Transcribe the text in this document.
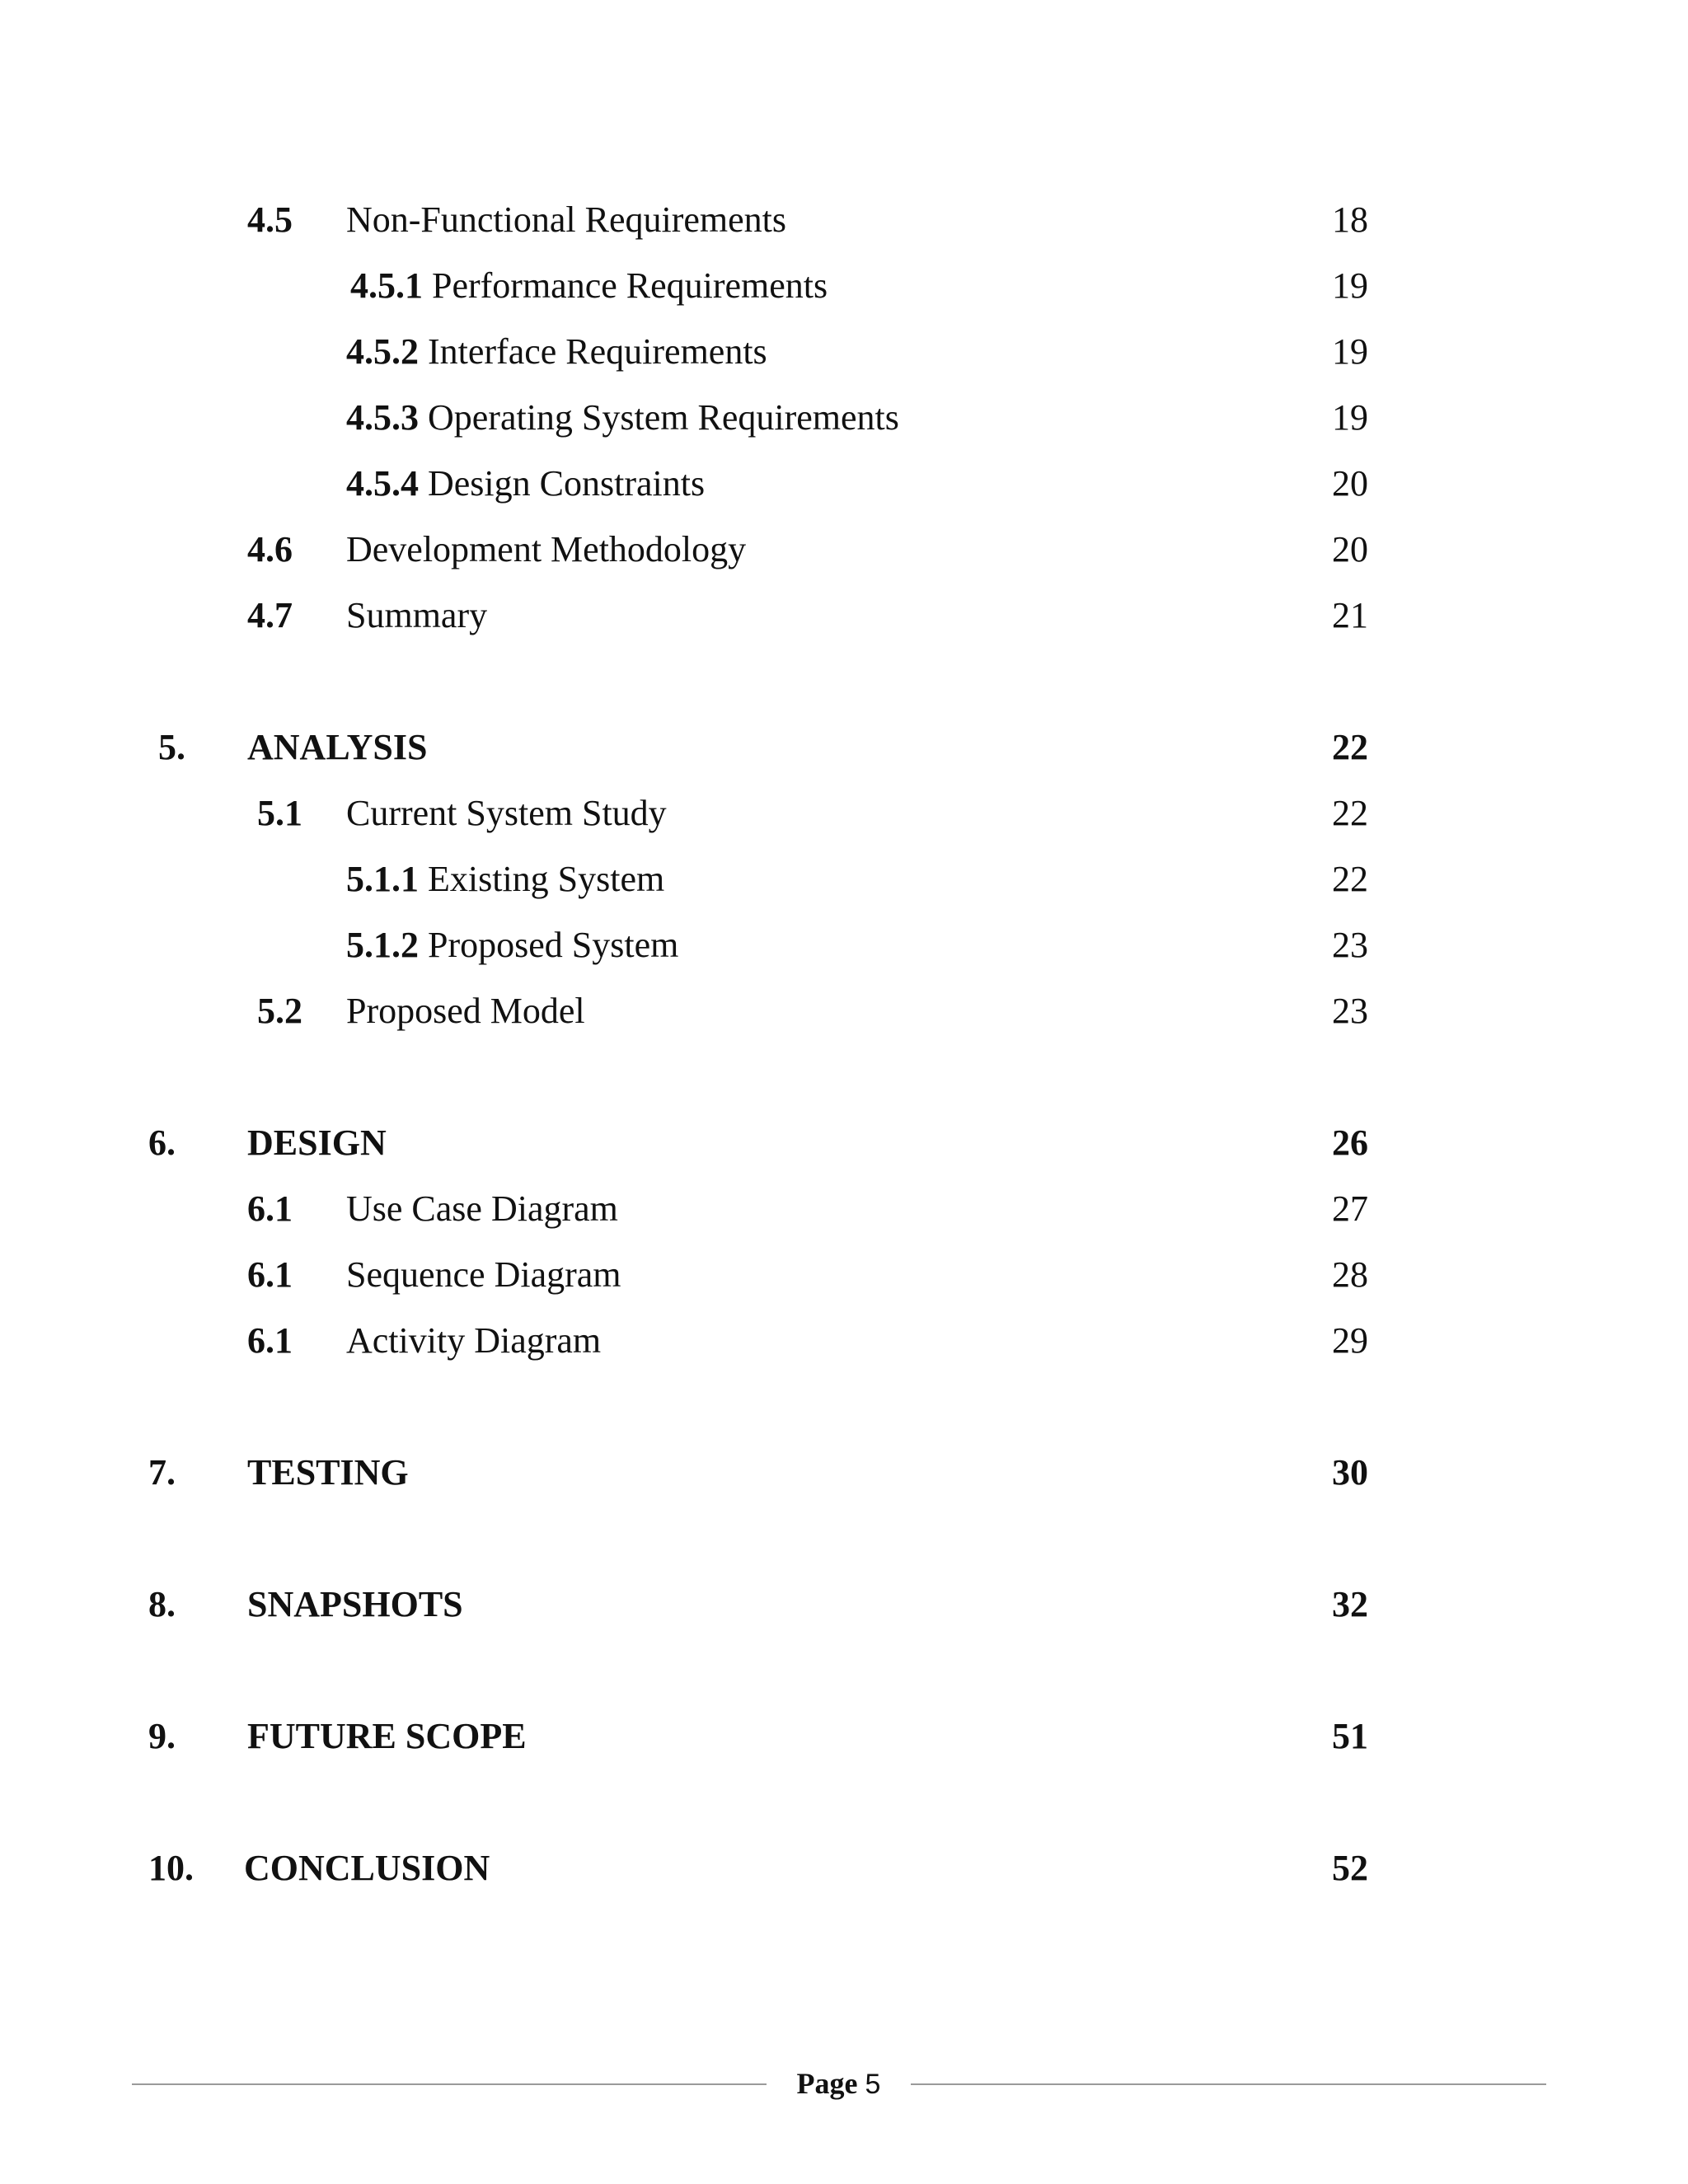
4.5 Non-Functional Requirements	18
4.5.1 Performance Requirements	19
4.5.2 Interface Requirements	19
4.5.3 Operating System Requirements	19
4.5.4 Design Constraints	20
4.6 Development Methodology	20
4.7 Summary	21
5. ANALYSIS	22
5.1 Current System Study	22
5.1.1 Existing System	22
5.1.2 Proposed System	23
5.2 Proposed Model	23
6. DESIGN	26
6.1 Use Case Diagram	27
6.1 Sequence Diagram	28
6.1 Activity Diagram	29
7. TESTING	30
8. SNAPSHOTS	32
9. FUTURE SCOPE	51
10. CONCLUSION	52
Page 5
